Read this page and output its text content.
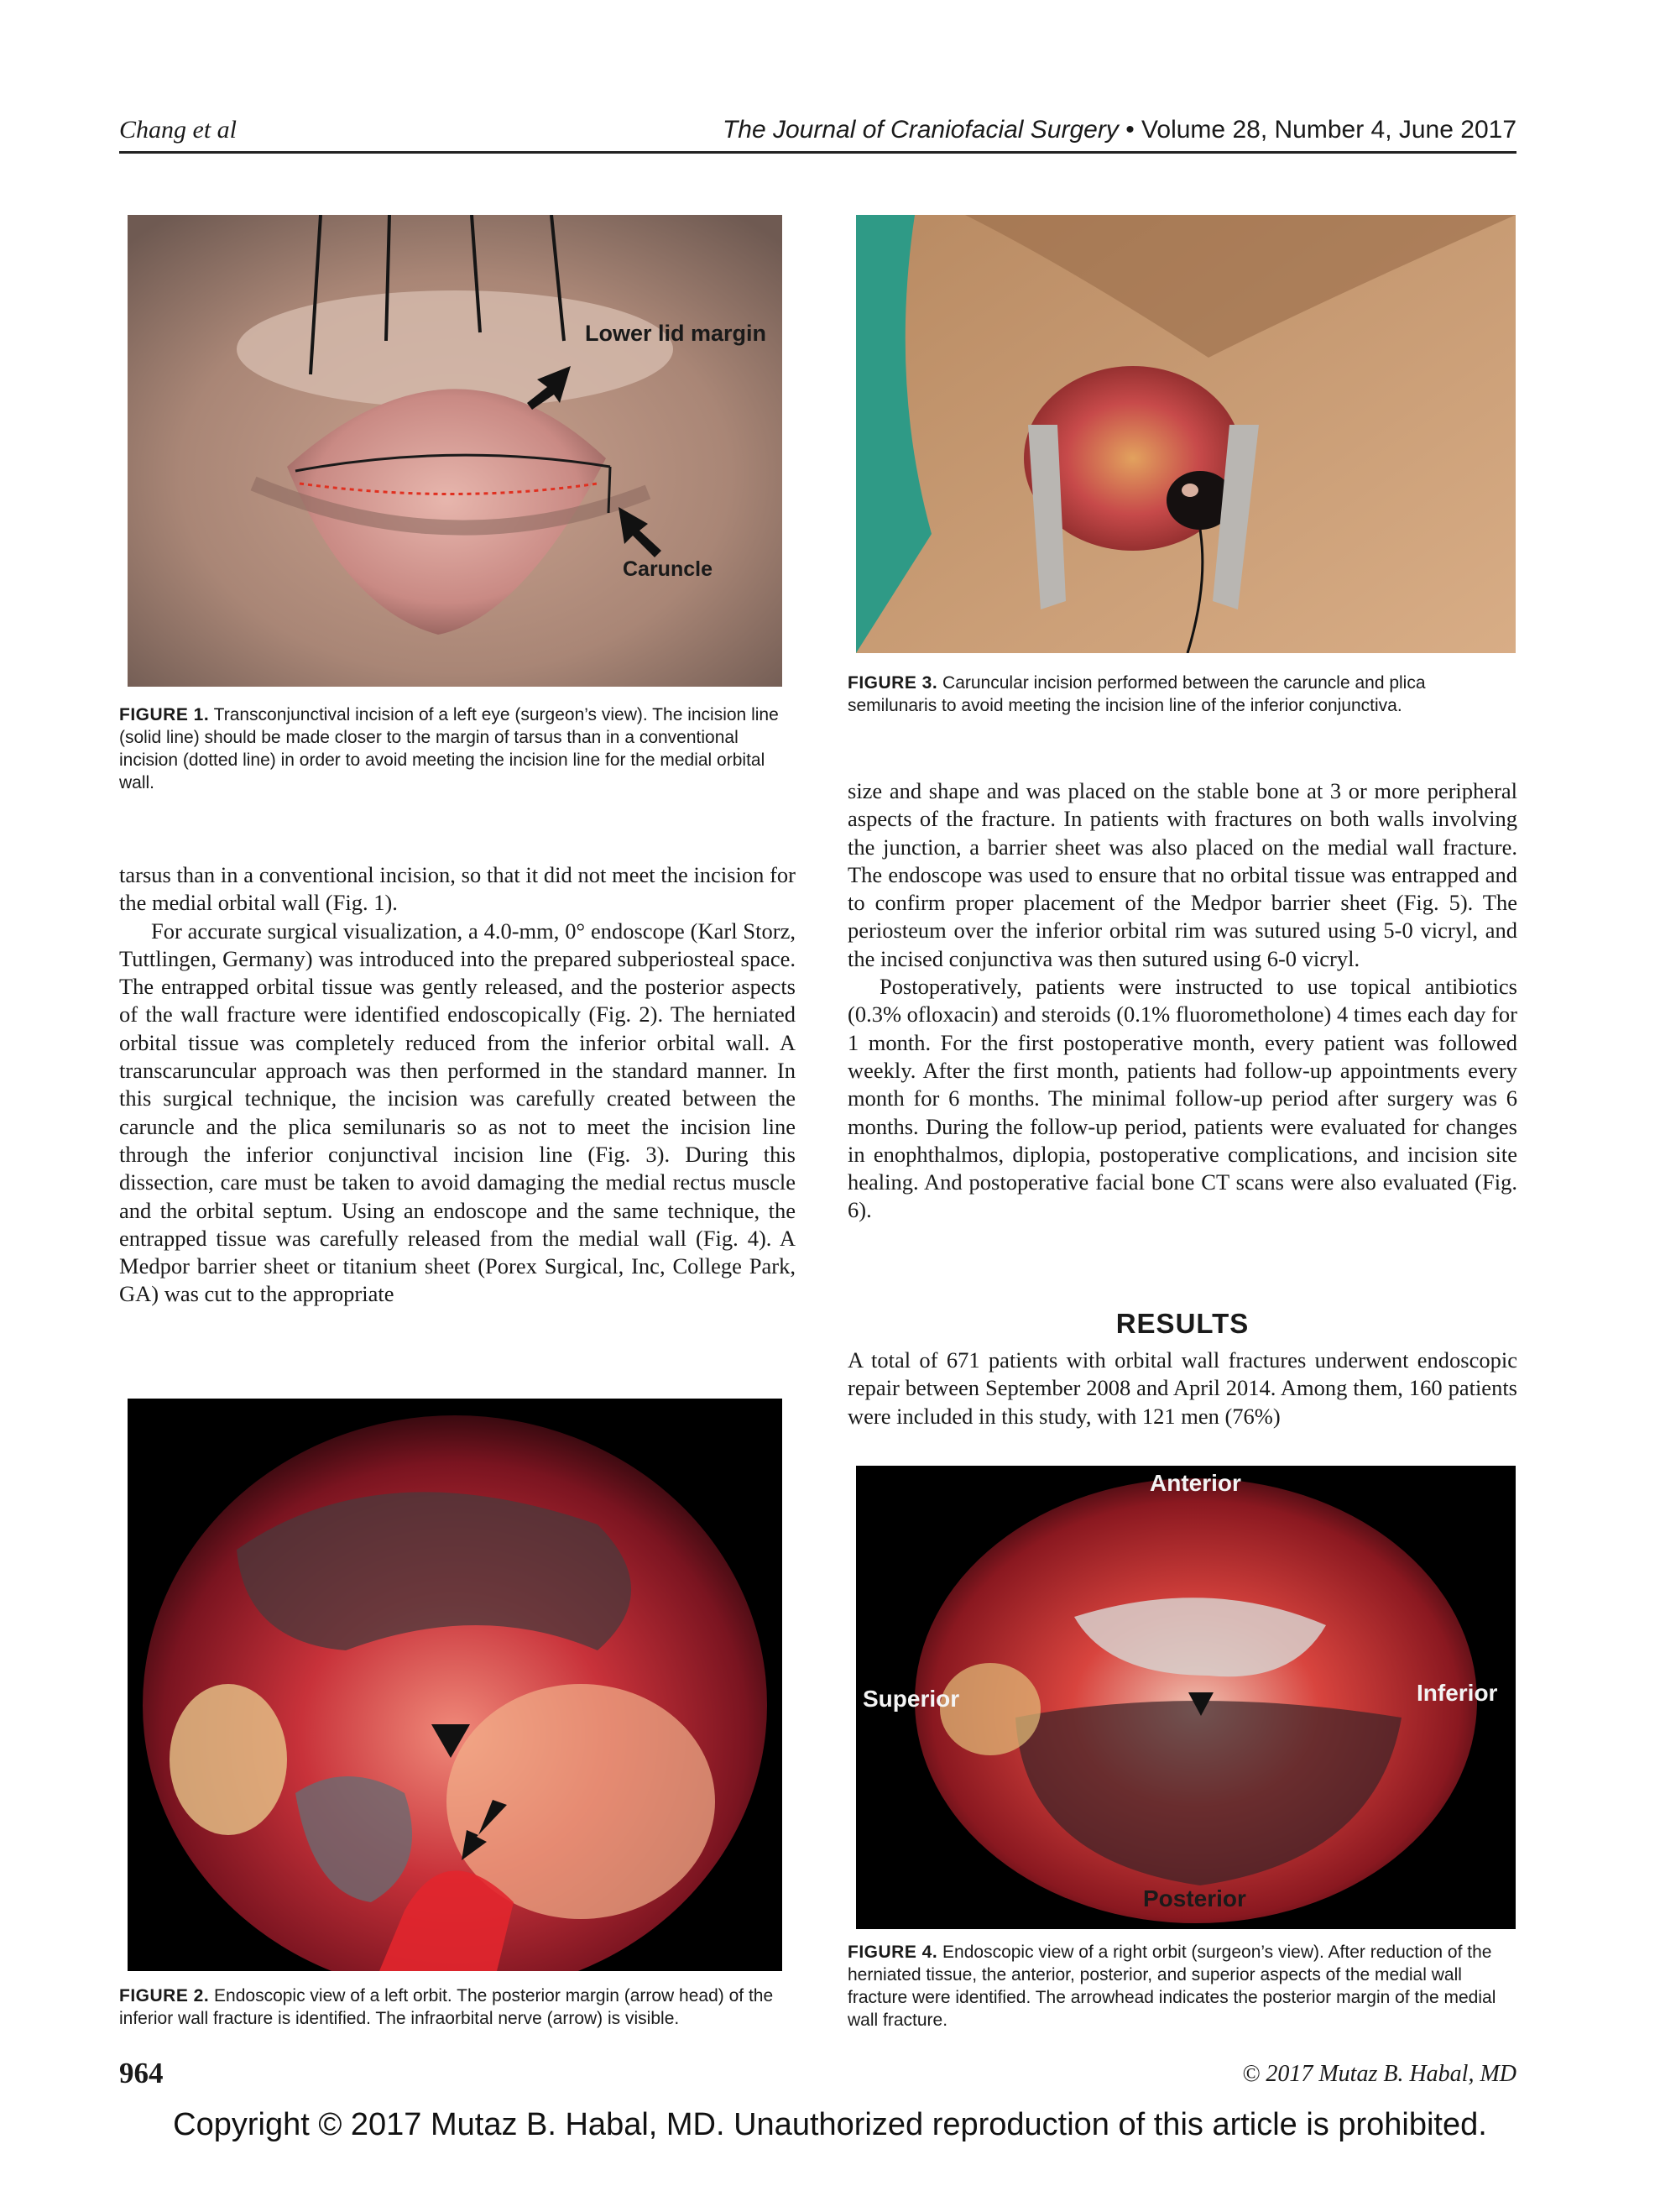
Chang et al	The Journal of Craniofacial Surgery • Volume 28, Number 4, June 2017
Lower lid margin
Caruncle
FIGURE 1. Transconjunctival incision of a left eye (surgeon’s view). The incision line (solid line) should be made closer to the margin of tarsus than in a conventional incision (dotted line) in order to avoid meeting the incision line for the medial orbital wall.
FIGURE 3. Caruncular incision performed between the caruncle and plica semilunaris to avoid meeting the incision line of the inferior conjunctiva.

tarsus than in a conventional incision, so that it did not meet the incision for the medial orbital wall (Fig. 1).

For accurate surgical visualization, a 4.0-mm, 0° endoscope (Karl Storz, Tuttlingen, Germany) was introduced into the prepared subperiosteal space. The entrapped orbital tissue was gently released, and the posterior aspects of the wall fracture were identified endoscopically (Fig. 2). The herniated orbital tissue was completely reduced from the inferior orbital wall. A transcaruncular approach was then performed in the standard manner. In this surgical technique, the incision was carefully created between the caruncle and the plica semilunaris so as not to meet the incision line through the inferior conjunctival incision line (Fig. 3). During this dissection, care must be taken to avoid damaging the medial rectus muscle and the orbital septum. Using an endoscope and the same technique, the entrapped tissue was carefully released from the medial wall (Fig. 4). A Medpor barrier sheet or titanium sheet (Porex Surgical, Inc, College Park, GA) was cut to the appropriate

size and shape and was placed on the stable bone at 3 or more peripheral aspects of the fracture. In patients with fractures on both walls involving the junction, a barrier sheet was also placed on the medial wall fracture. The endoscope was used to ensure that no orbital tissue was entrapped and to confirm proper placement of the Medpor barrier sheet (Fig. 5). The periosteum over the inferior orbital rim was sutured using 5-0 vicryl, and the incised conjunctiva was then sutured using 6-0 vicryl.

Postoperatively, patients were instructed to use topical antibiotics (0.3% ofloxacin) and steroids (0.1% fluorometholone) 4 times each day for 1 month. For the first postoperative month, every patient was followed weekly. After the first month, patients had follow-up appointments every month for 6 months. The minimal follow-up period after surgery was 6 months. During the follow-up period, patients were evaluated for changes in enophthalmos, diplopia, postoperative complications, and incision site healing. And postoperative facial bone CT scans were also evaluated (Fig. 6).

RESULTS
A total of 671 patients with orbital wall fractures underwent endoscopic repair between September 2008 and April 2014. Among them, 160 patients were included in this study, with 121 men (76%)
FIGURE 2. Endoscopic view of a left orbit. The posterior margin (arrow head) of the inferior wall fracture is identified. The infraorbital nerve (arrow) is visible.
Anterior
Superior	Inferior
Posterior
FIGURE 4. Endoscopic view of a right orbit (surgeon’s view). After reduction of the herniated tissue, the anterior, posterior, and superior aspects of the medial wall fracture were identified. The arrowhead indicates the posterior margin of the medial wall fracture.
964	© 2017 Mutaz B. Habal, MD
Copyright © 2017 Mutaz B. Habal, MD. Unauthorized reproduction of this article is prohibited.
